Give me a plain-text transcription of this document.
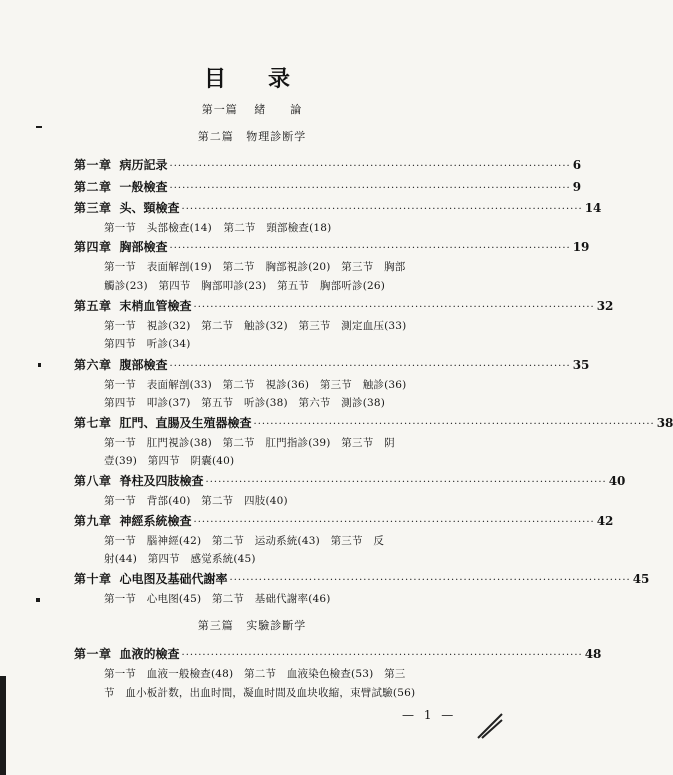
目　录
第一篇 緒　　論
第二篇 物理診断学
第一章 病历記录 ································································································ 6
第二章 一般檢查 ································································································ 9
第三章 头、頸檢查 ································································································ 14
第一节　头部檢查(14) 第二节　頸部檢查(18)
第四章 胸部檢查 ································································································ 19
第一节　表面解剖(19)　第二节　胸部視診(20)　第三节　胸部
觸診(23)　第四节　胸部叩診(23)　第五节　胸部听診(26)
第五章 末梢血管檢查 ································································································ 32
第一节　視診(32)　第二节　触診(32)　第三节　測定血压(33)
第四节　听診(34)
第六章 腹部檢查 ································································································ 35
第一节　表面解剖(33)　第二节　視診(36)　第三节　触診(36)
第四节　叩診(37)　第五节　听診(38)　第六节　測診(38)
第七章 肛門、直腸及生殖器檢查 ································································································ 38
第一节　肛門視診(38)　第二节　肛門指診(39)　第三节　阴
壹(39)　第四节　阴囊(40)
第八章 脊柱及四肢檢查 ································································································ 40
第一节　背部(40)　第二节　四肢(40)
第九章 神經系統檢查 ································································································ 42
第一节　腦神經(42)　第二节　运动系統(43)　第三节　反
射(44)　第四节　感觉系統(45)
第十章 心电图及基础代謝率 ································································································ 45
第一节　心电图(45)　第二节　基础代謝率(46)
第三篇 实驗診斷学
第一章 血液的檢查 ································································································ 48
第一节　血液一般檢查(48)　第二节　血液染色檢查(53)　第三
节　血小板計数，出血时間，凝血时間及血块收縮，束臂試驗(56)
— 1 —
